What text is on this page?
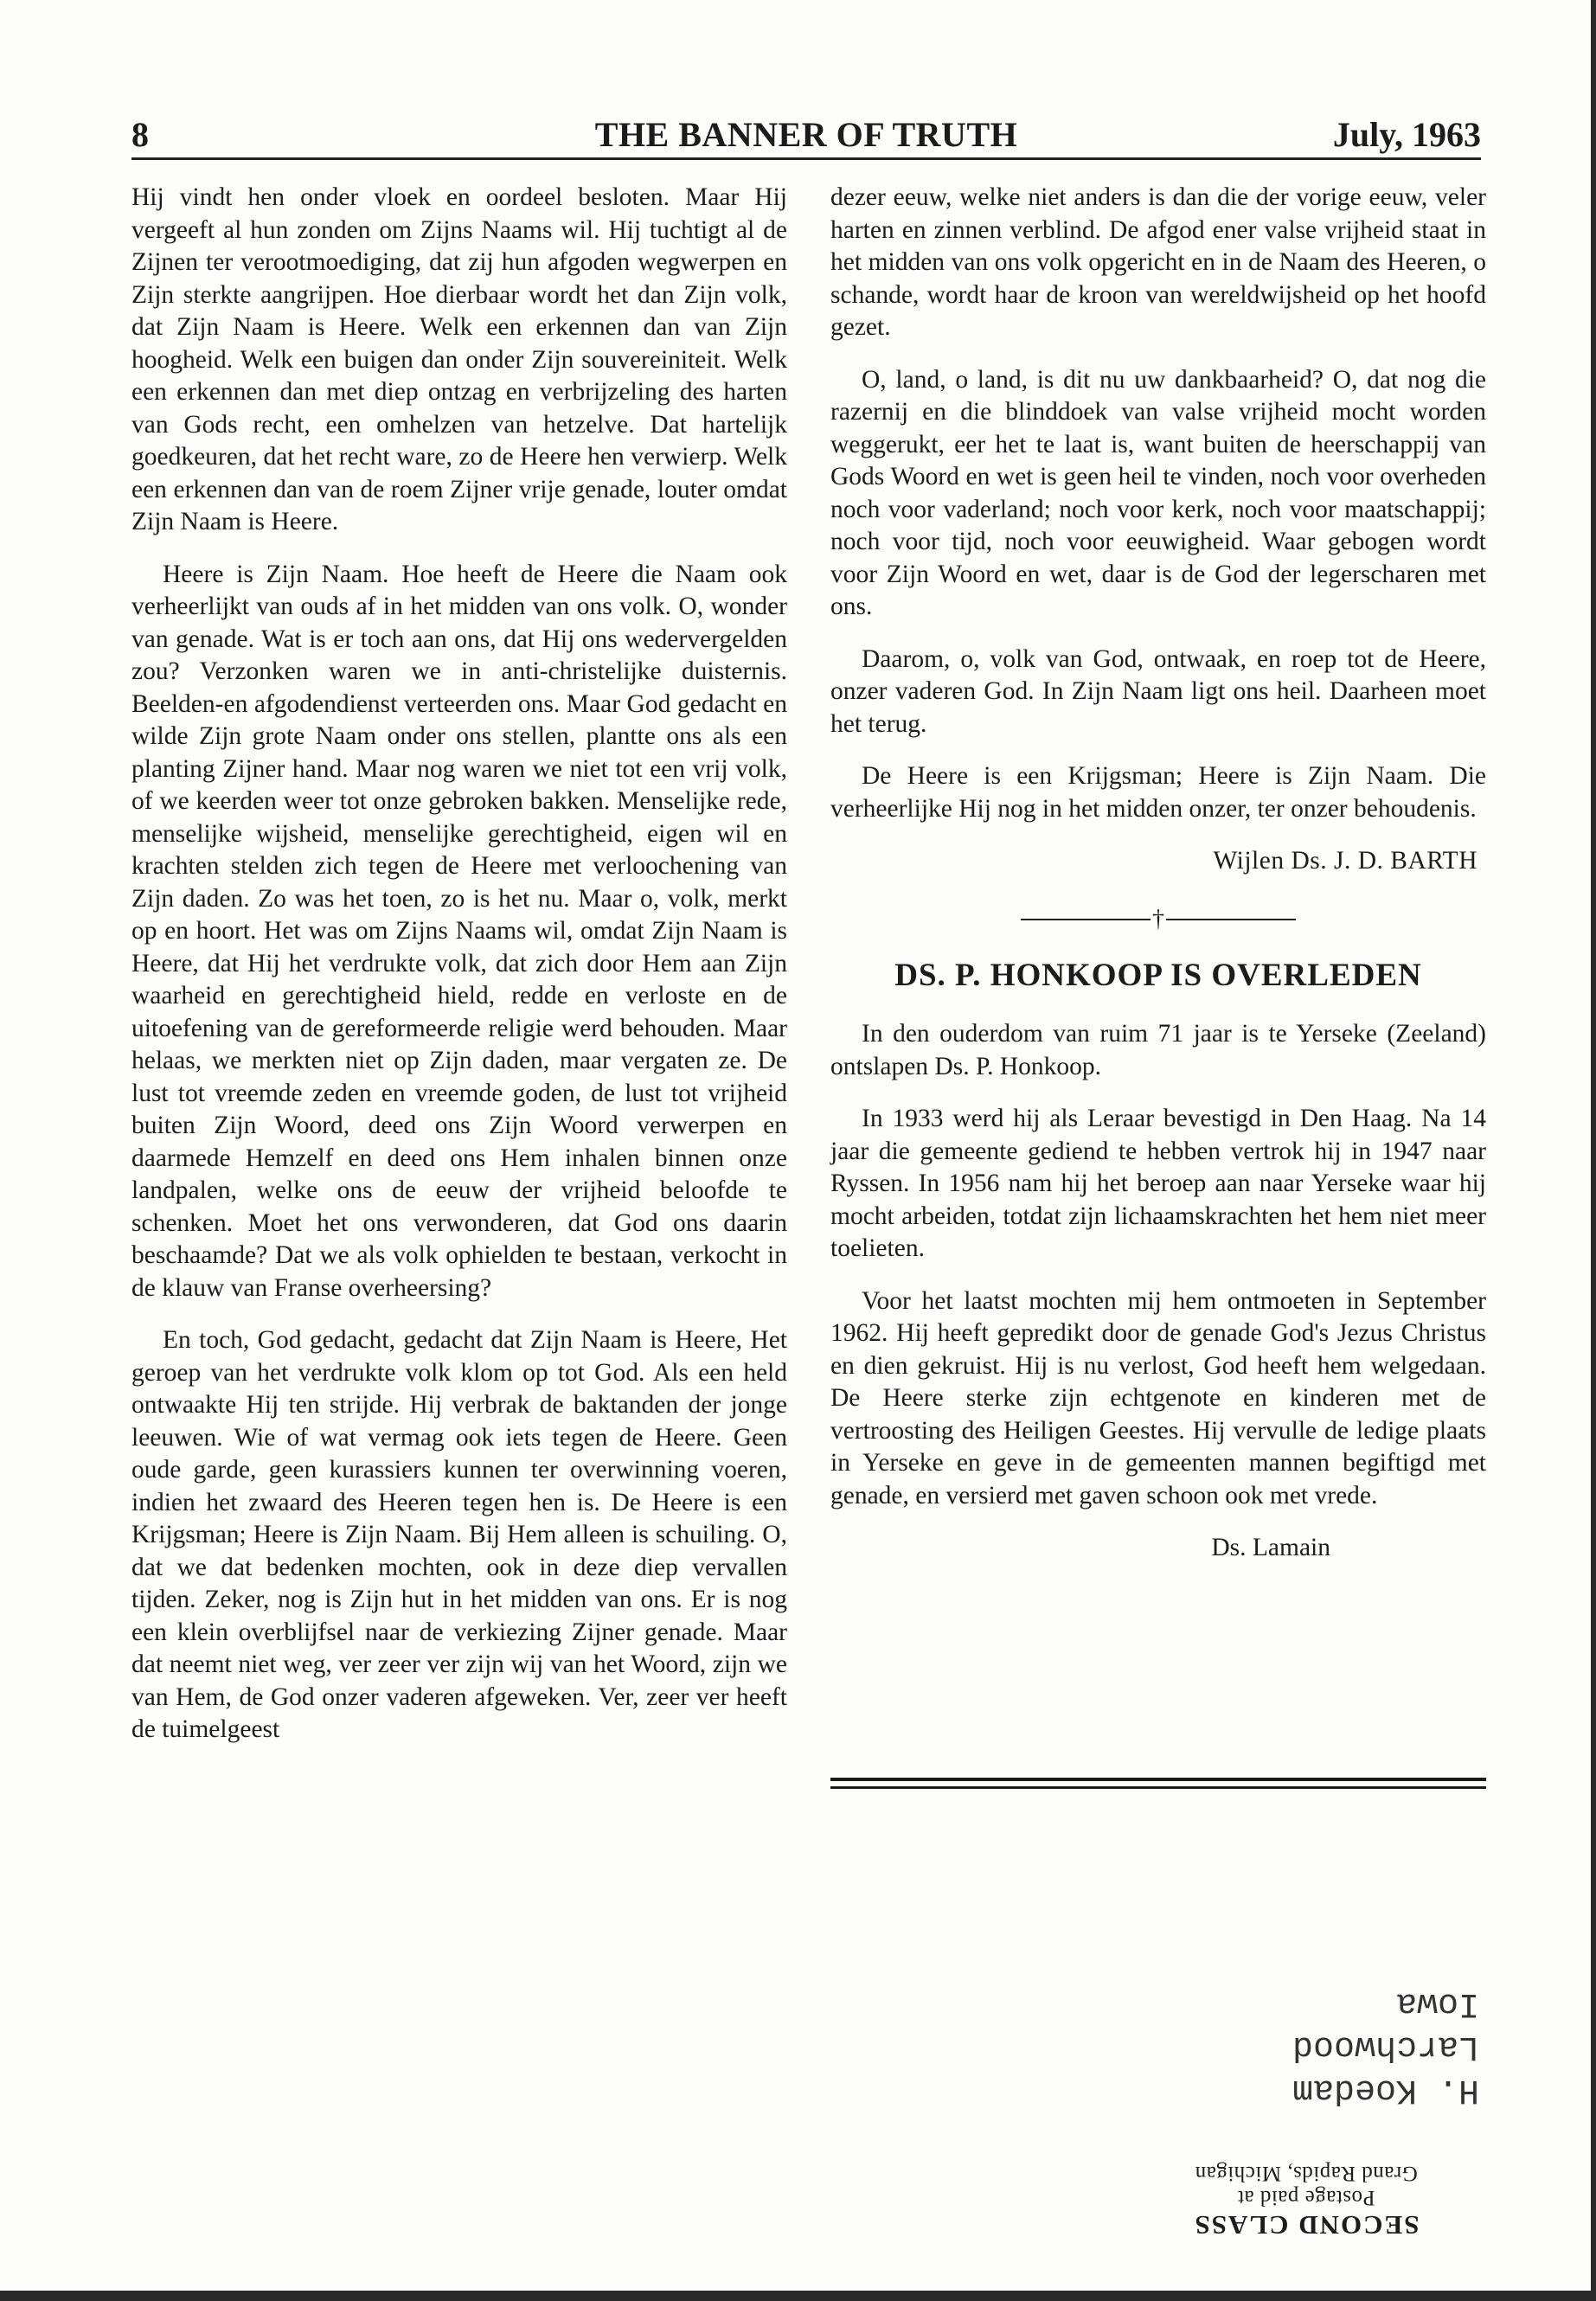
THE BANNER OF TRUTH
8	July, 1963

Hij vindt hen onder vloek en oordeel besloten. Maar Hij vergeeft al hun zonden om Zijns Naams wil. Hij tuchtigt al de Zijnen ter verootmoediging, dat zij hun afgoden wegwerpen en Zijn sterkte aangrijpen. Hoe dierbaar wordt het dan Zijn volk, dat Zijn Naam is Heere. Welk een erkennen dan van Zijn hoogheid. Welk een buigen dan onder Zijn souvereiniteit. Welk een erkennen dan met diep ontzag en verbrijzeling des harten van Gods recht, een omhelzen van hetzelve. Dat hartelijk goedkeuren, dat het recht ware, zo de Heere hen verwierp. Welk een erkennen dan van de roem Zijner vrije genade, louter omdat Zijn Naam is Heere.

Heere is Zijn Naam. Hoe heeft de Heere die Naam ook verheerlijkt van ouds af in het midden van ons volk. O, wonder van genade. Wat is er toch aan ons, dat Hij ons wedervergelden zou? Verzonken waren we in anti-christelijke duisternis. Beelden-en afgodendienst verteerden ons. Maar God gedacht en wilde Zijn grote Naam onder ons stellen, plantte ons als een planting Zijner hand. Maar nog waren we niet tot een vrij volk, of we keerden weer tot onze gebroken bakken. Menselijke rede, menselijke wijsheid, menselijke gerechtigheid, eigen wil en krachten stelden zich tegen de Heere met verloochening van Zijn daden. Zo was het toen, zo is het nu. Maar o, volk, merkt op en hoort. Het was om Zijns Naams wil, omdat Zijn Naam is Heere, dat Hij het verdrukte volk, dat zich door Hem aan Zijn waarheid en gerechtigheid hield, redde en verloste en de uitoefening van de gereformeerde religie werd behouden. Maar helaas, we merkten niet op Zijn daden, maar vergaten ze. De lust tot vreemde zeden en vreemde goden, de lust tot vrijheid buiten Zijn Woord, deed ons Zijn Woord verwerpen en daarmede Hemzelf en deed ons Hem inhalen binnen onze landpalen, welke ons de eeuw der vrijheid beloofde te schenken. Moet het ons verwonderen, dat God ons daarin beschaamde? Dat we als volk ophielden te bestaan, verkocht in de klauw van Franse overheersing?

En toch, God gedacht, gedacht dat Zijn Naam is Heere, Het geroep van het verdrukte volk klom op tot God. Als een held ontwaakte Hij ten strijde. Hij verbrak de baktanden der jonge leeuwen. Wie of wat vermag ook iets tegen de Heere. Geen oude garde, geen kurassiers kunnen ter overwinning voeren, indien het zwaard des Heeren tegen hen is. De Heere is een Krijgsman; Heere is Zijn Naam. Bij Hem alleen is schuiling. O, dat we dat bedenken mochten, ook in deze diep vervallen tijden. Zeker, nog is Zijn hut in het midden van ons. Er is nog een klein overblijfsel naar de verkiezing Zijner genade. Maar dat neemt niet weg, ver zeer ver zijn wij van het Woord, zijn we van Hem, de God onzer vaderen afgeweken. Ver, zeer ver heeft de tuimelgeest

dezer eeuw, welke niet anders is dan die der vorige eeuw, veler harten en zinnen verblind. De afgod ener valse vrijheid staat in het midden van ons volk opgericht en in de Naam des Heeren, o schande, wordt haar de kroon van wereldwijsheid op het hoofd gezet.

O, land, o land, is dit nu uw dankbaarheid? O, dat nog die razernij en die blinddoek van valse vrijheid mocht worden weggerukt, eer het te laat is, want buiten de heerschappij van Gods Woord en wet is geen heil te vinden, noch voor overheden noch voor vaderland; noch voor kerk, noch voor maatschappij; noch voor tijd, noch voor eeuwigheid. Waar gebogen wordt voor Zijn Woord en wet, daar is de God der legerscharen met ons.

Daarom, o, volk van God, ontwaak, en roep tot de Heere, onzer vaderen God. In Zijn Naam ligt ons heil. Daarheen moet het terug.

De Heere is een Krijgsman; Heere is Zijn Naam. Die verheerlijke Hij nog in het midden onzer, ter onzer behoudenis.

Wijlen Ds. J. D. BARTH
†
DS. P. HONKOOP IS OVERLEDEN

In den ouderdom van ruim 71 jaar is te Yerseke (Zeeland) ontslapen Ds. P. Honkoop.

In 1933 werd hij als Leraar bevestigd in Den Haag. Na 14 jaar die gemeente gediend te hebben vertrok hij in 1947 naar Ryssen. In 1956 nam hij het beroep aan naar Yerseke waar hij mocht arbeiden, totdat zijn lichaamskrachten het hem niet meer toelieten.

Voor het laatst mochten mij hem ontmoeten in September 1962. Hij heeft gepredikt door de genade God's Jezus Christus en dien gekruist. Hij is nu verlost, God heeft hem welgedaan. De Heere sterke zijn echtgenote en kinderen met de vertroosting des Heiligen Geestes. Hij vervulle de ledige plaats in Yerseke en geve in de gemeenten mannen begiftigd met genade, en versierd met gaven schoon ook met vrede.

Ds. Lamain
H. Koedam
Larchwood
Iowa
SECOND CLASS
Postage paid at
Grand Rapids, Michigan
